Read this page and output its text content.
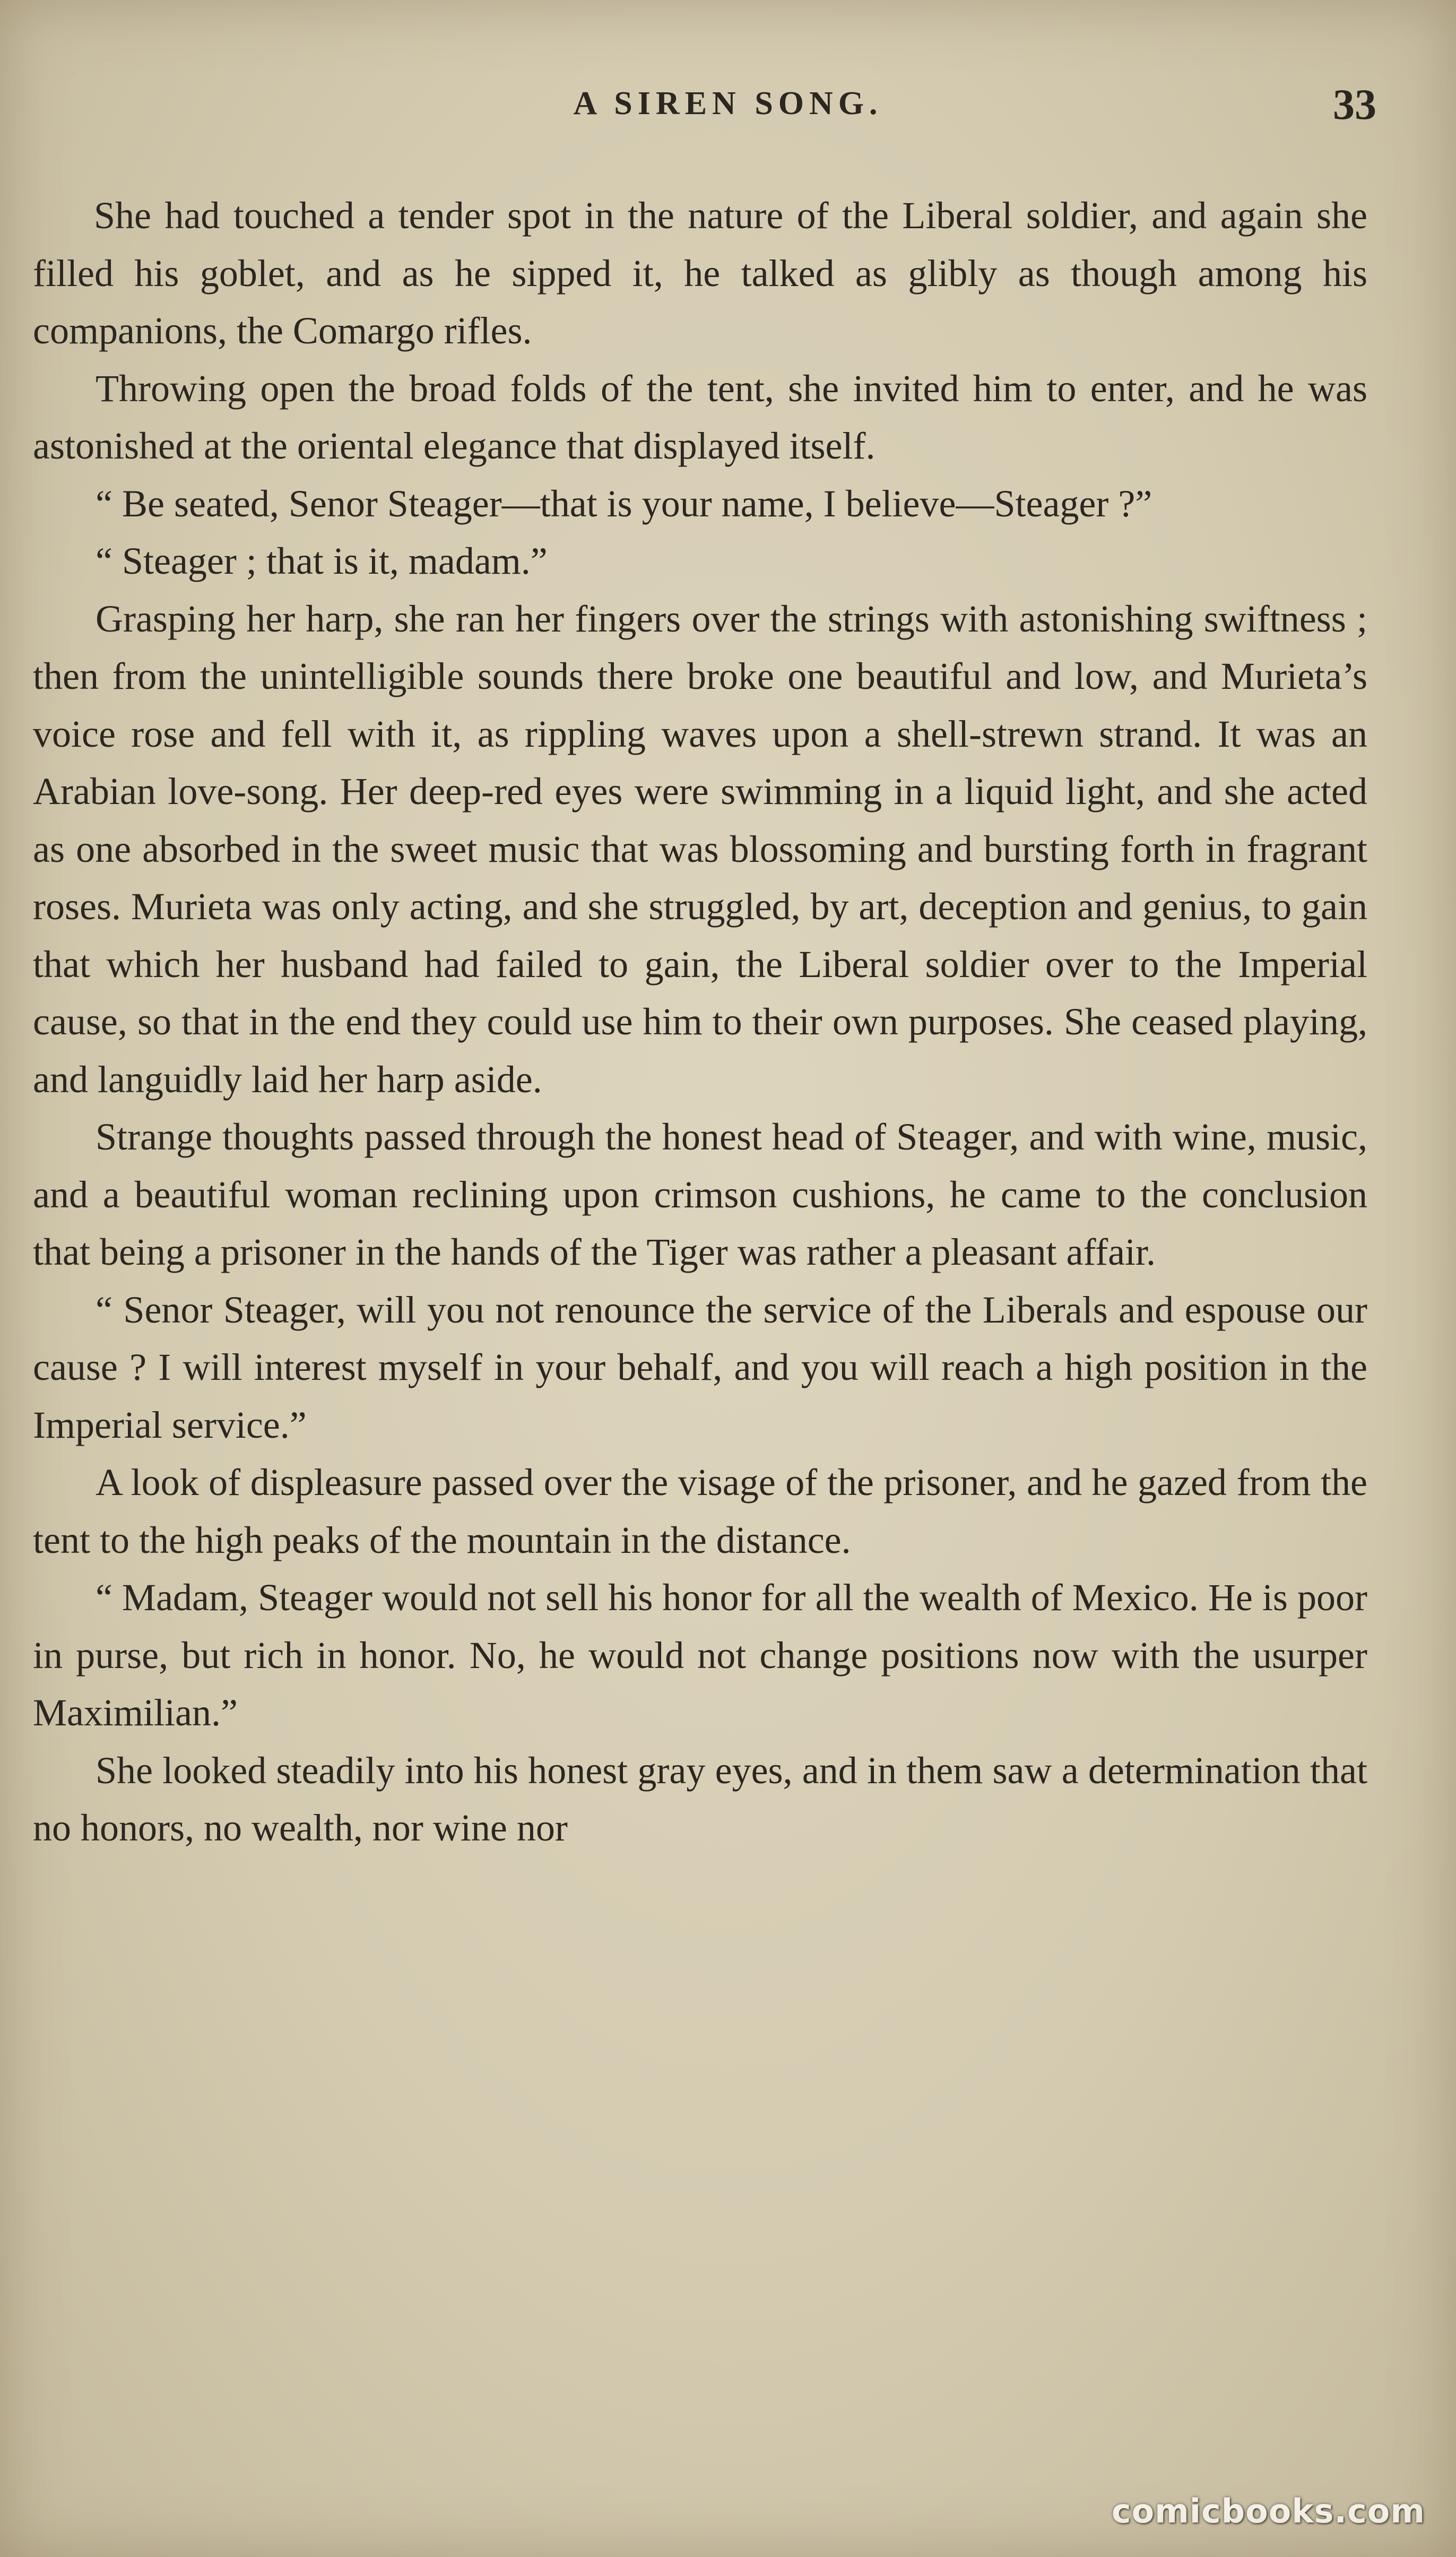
A SIREN SONG.	33

She had touched a tender spot in the nature of the Liberal soldier, and again she filled his goblet, and as he sipped it, he talked as glibly as though among his companions, the Comargo rifles.

Throwing open the broad folds of the tent, she invited him to enter, and he was astonished at the oriental elegance that displayed itself.

“ Be seated, Senor Steager—that is your name, I believe—Steager ?”

“ Steager ; that is it, madam.”

Grasping her harp, she ran her fingers over the strings with astonishing swiftness ; then from the unintelligible sounds there broke one beautiful and low, and Murieta’s voice rose and fell with it, as rippling waves upon a shell-strewn strand. It was an Arabian love-song. Her deep-red eyes were swimming in a liquid light, and she acted as one absorbed in the sweet music that was blossoming and bursting forth in fragrant roses. Murieta was only acting, and she struggled, by art, deception and genius, to gain that which her husband had failed to gain, the Liberal soldier over to the Imperial cause, so that in the end they could use him to their own purposes. She ceased playing, and languidly laid her harp aside.

Strange thoughts passed through the honest head of Steager, and with wine, music, and a beautiful woman reclining upon crimson cushions, he came to the conclusion that being a prisoner in the hands of the Tiger was rather a pleasant affair.

“ Senor Steager, will you not renounce the service of the Liberals and espouse our cause ? I will interest myself in your behalf, and you will reach a high position in the Imperial service.”

A look of displeasure passed over the visage of the prisoner, and he gazed from the tent to the high peaks of the mountain in the distance.

“ Madam, Steager would not sell his honor for all the wealth of Mexico. He is poor in purse, but rich in honor. No, he would not change positions now with the usurper Maximilian.”

She looked steadily into his honest gray eyes, and in them saw a determination that no honors, no wealth, nor wine nor

comicbooks.com
